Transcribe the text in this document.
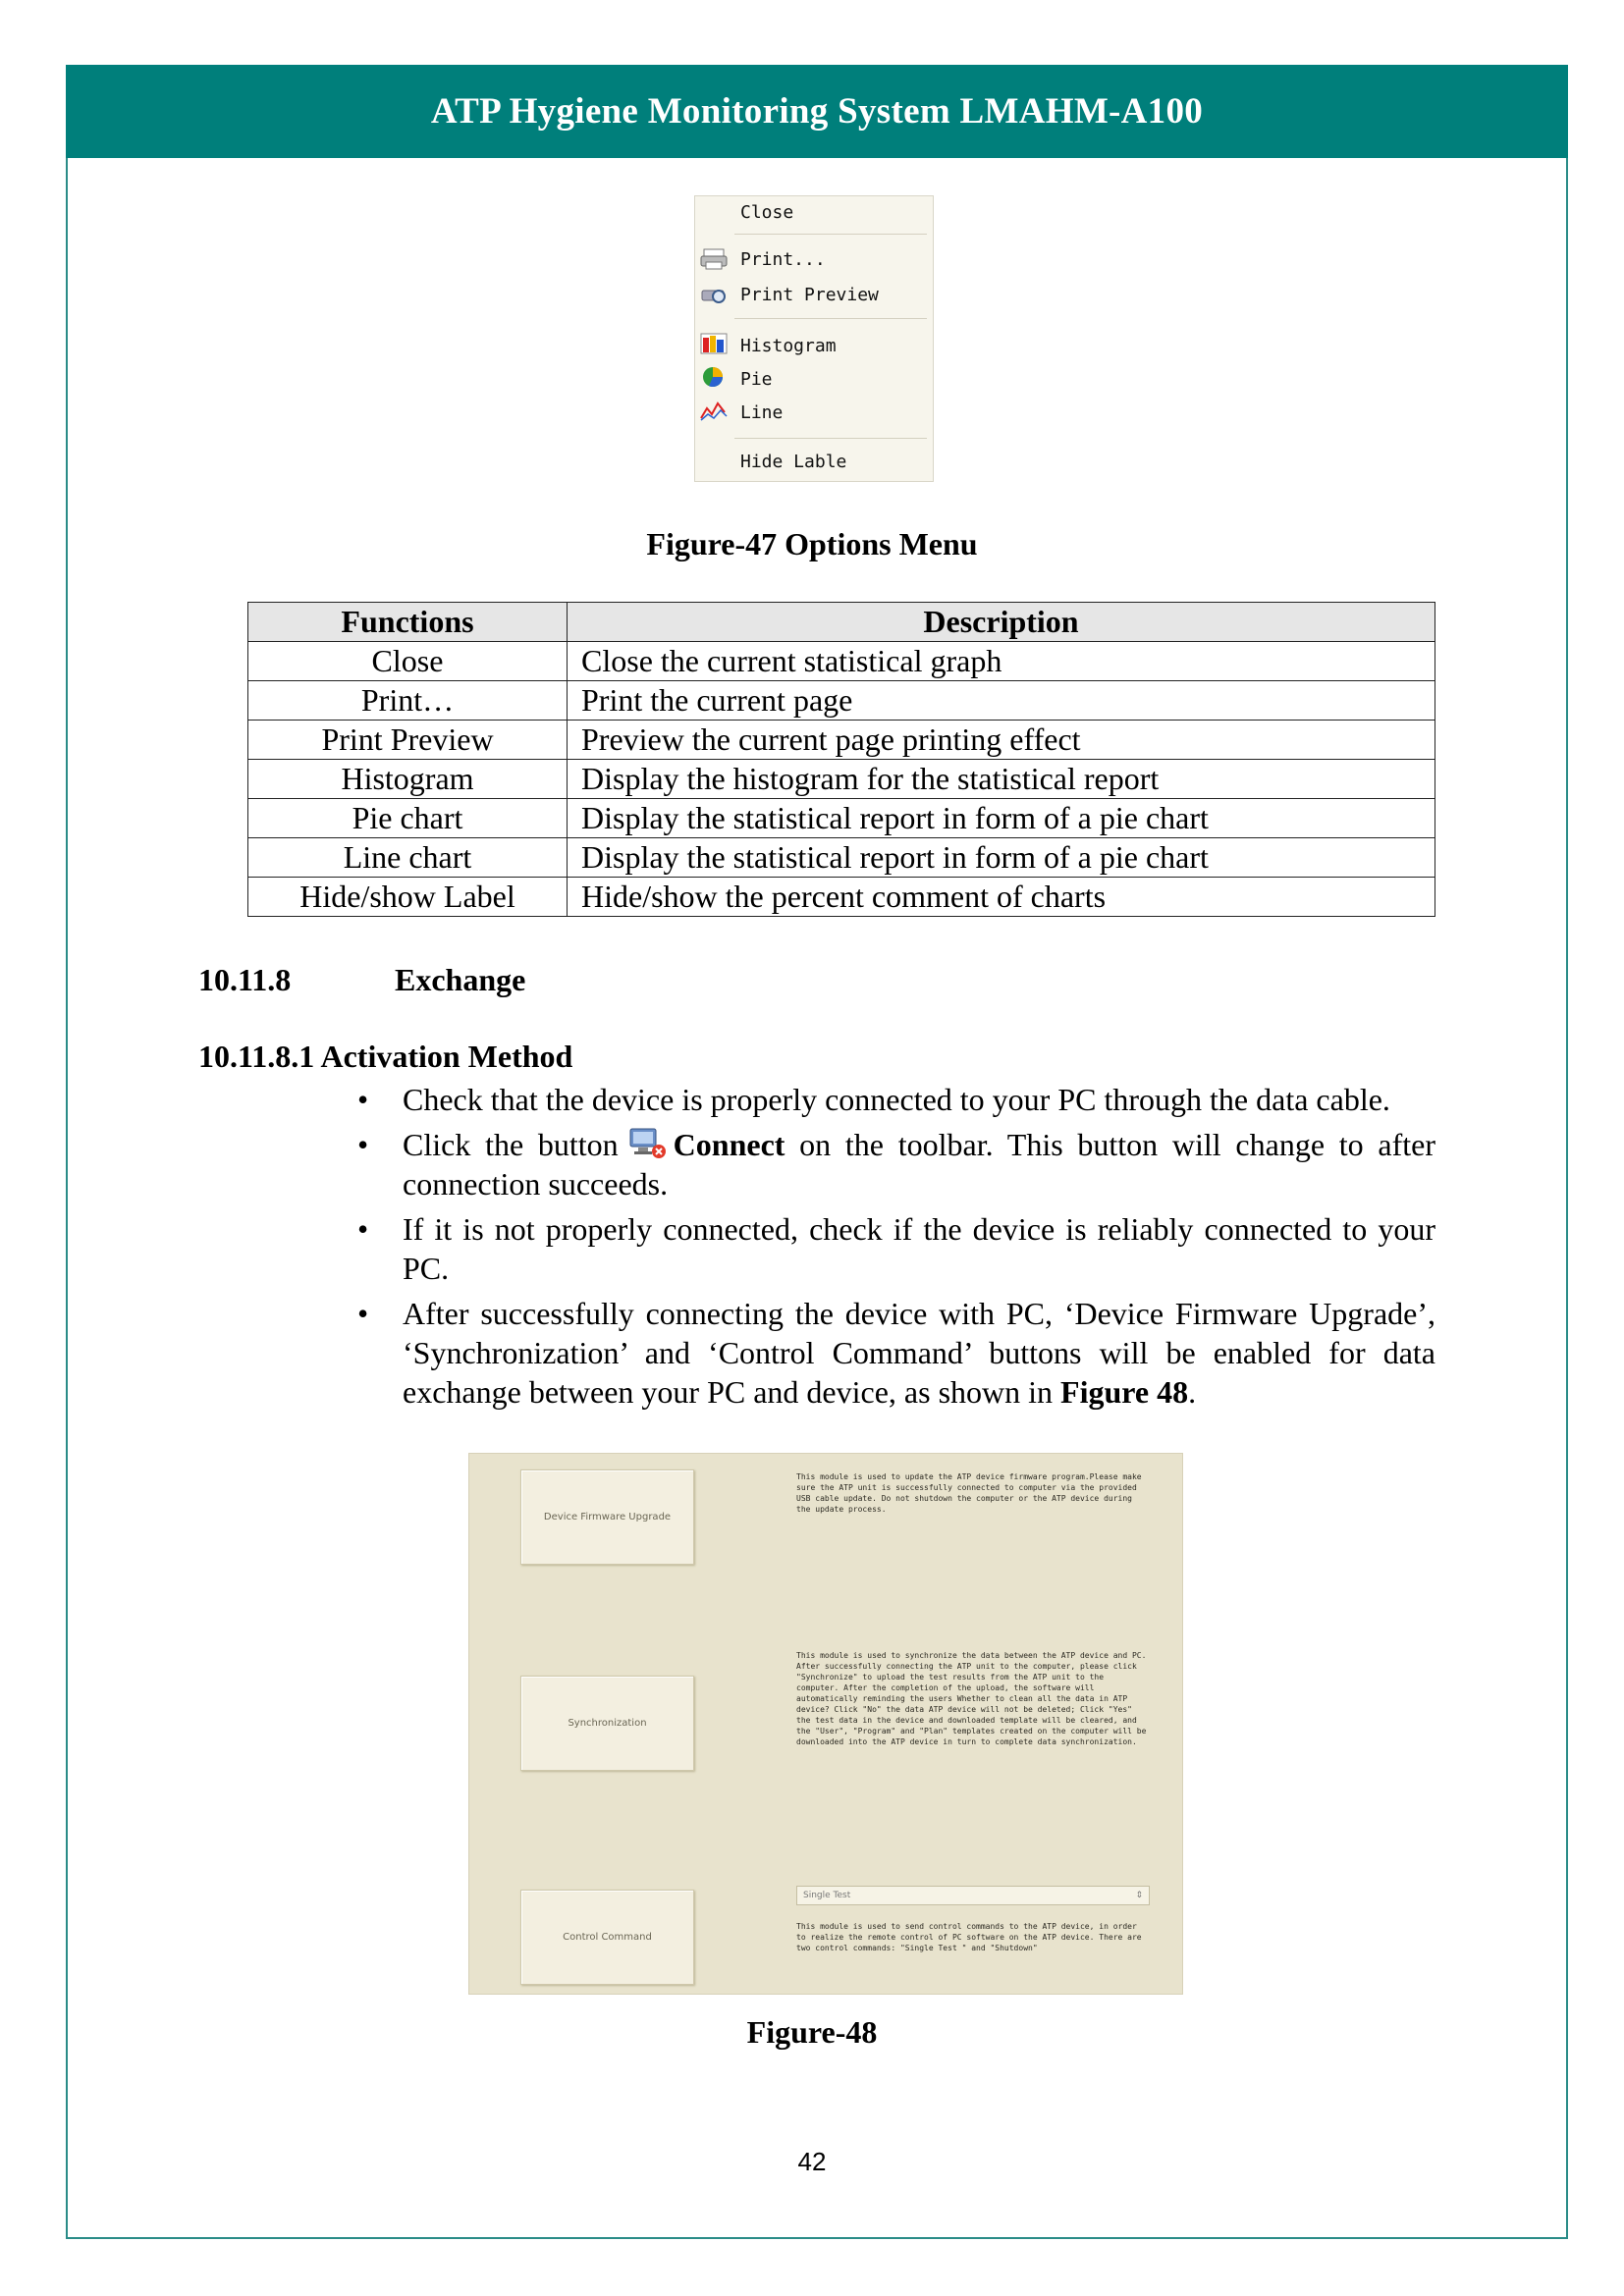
ATP Hygiene Monitoring System LMAHM-A100
Close
Print...
Print Preview
Histogram
Pie
Line
Hide Lable
Figure-47 Options Menu
Functions	Description
Close	Close the current statistical graph
Print…	Print the current page
Print Preview	Preview the current page printing effect
Histogram	Display the histogram for the statistical report
Pie chart	Display the statistical report in form of a pie chart
Line chart	Display the statistical report in form of a pie chart
Hide/show Label	Hide/show the percent comment of charts
10.11.8	Exchange
10.11.8.1 Activation Method
• Check that the device is properly connected to your PC through the data cable.
• Click the button Connect on the toolbar. This button will change to after connection succeeds.
• If it is not properly connected, check if the device is reliably connected to your PC.
• After successfully connecting the device with PC, ‘Device Firmware Upgrade’, ‘Synchronization’ and ‘Control Command’ buttons will be enabled for data exchange between your PC and device, as shown in Figure 48.
Device Firmware Upgrade
This module is used to update the ATP device firmware program.Please make sure the ATP unit is successfully connected to computer via the provided USB cable update. Do not shutdown the computer or the ATP device during the update process.
Synchronization
This module is used to synchronize the data between the ATP device and PC. After successfully connecting the ATP unit to the computer, please click "Synchronize" to upload the test results from the ATP unit to the computer. After the completion of the upload, the software will automatically reminding the users Whether to clean all the data in ATP device? Click "No" the data ATP device will not be deleted; Click "Yes" the test data in the device and downloaded template will be cleared, and the "User", "Program" and "Plan" templates created on the computer will be downloaded into the ATP device in turn to complete data synchronization.
Control Command
Single Test	⇕
This module is used to send control commands to the ATP device, in order to realize the remote control of PC software on the ATP device. There are two control commands: "Single Test " and "Shutdown"
Figure-48
42
